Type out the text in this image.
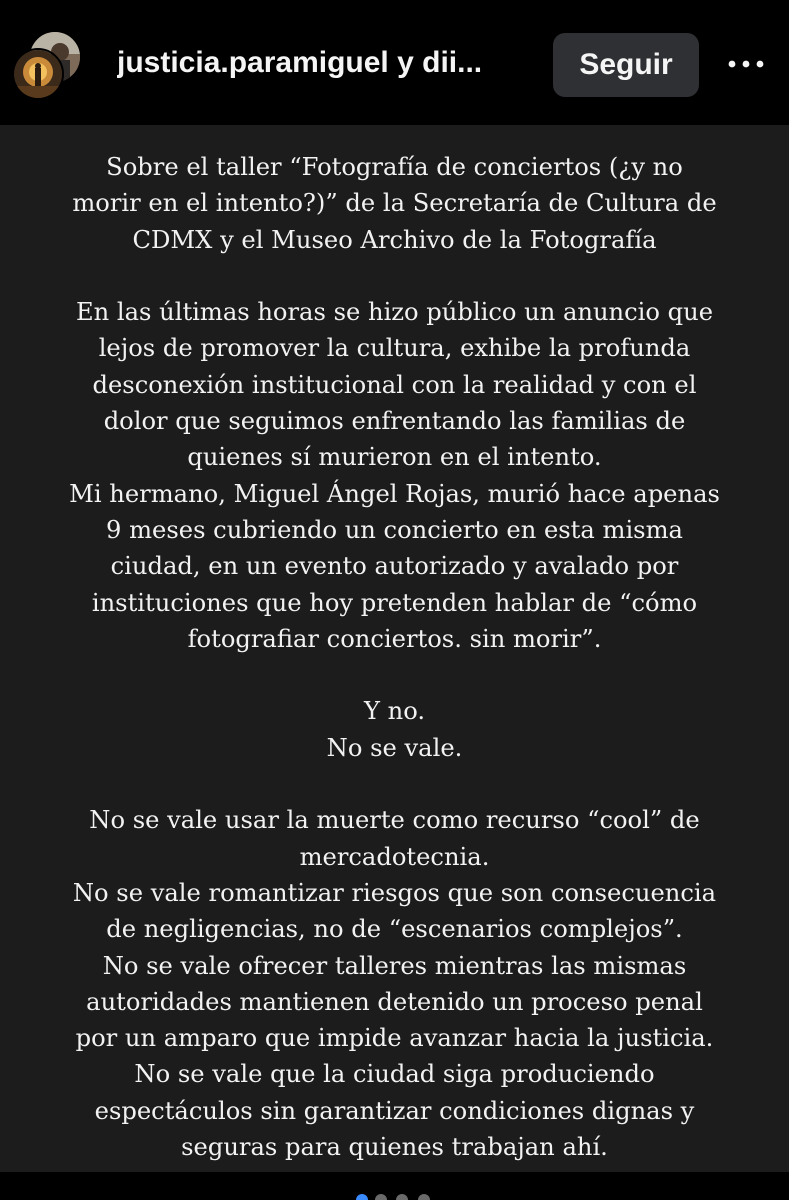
justicia.paramiguel y dii...	Seguir

Sobre el taller “Fotografía de conciertos (¿y no
morir en el intento?)” de la Secretaría de Cultura de
CDMX y el Museo Archivo de la Fotografía

En las últimas horas se hizo público un anuncio que
lejos de promover la cultura, exhibe la profunda
desconexión institucional con la realidad y con el
dolor que seguimos enfrentando las familias de
quienes sí murieron en el intento.
Mi hermano, Miguel Ángel Rojas, murió hace apenas
9 meses cubriendo un concierto en esta misma
ciudad, en un evento autorizado y avalado por
instituciones que hoy pretenden hablar de “cómo
fotografiar conciertos. sin morir”.

Y no.
No se vale.

No se vale usar la muerte como recurso “cool” de
mercadotecnia.
No se vale romantizar riesgos que son consecuencia
de negligencias, no de “escenarios complejos”.
No se vale ofrecer talleres mientras las mismas
autoridades mantienen detenido un proceso penal
por un amparo que impide avanzar hacia la justicia.
No se vale que la ciudad siga produciendo
espectáculos sin garantizar condiciones dignas y
seguras para quienes trabajan ahí.
